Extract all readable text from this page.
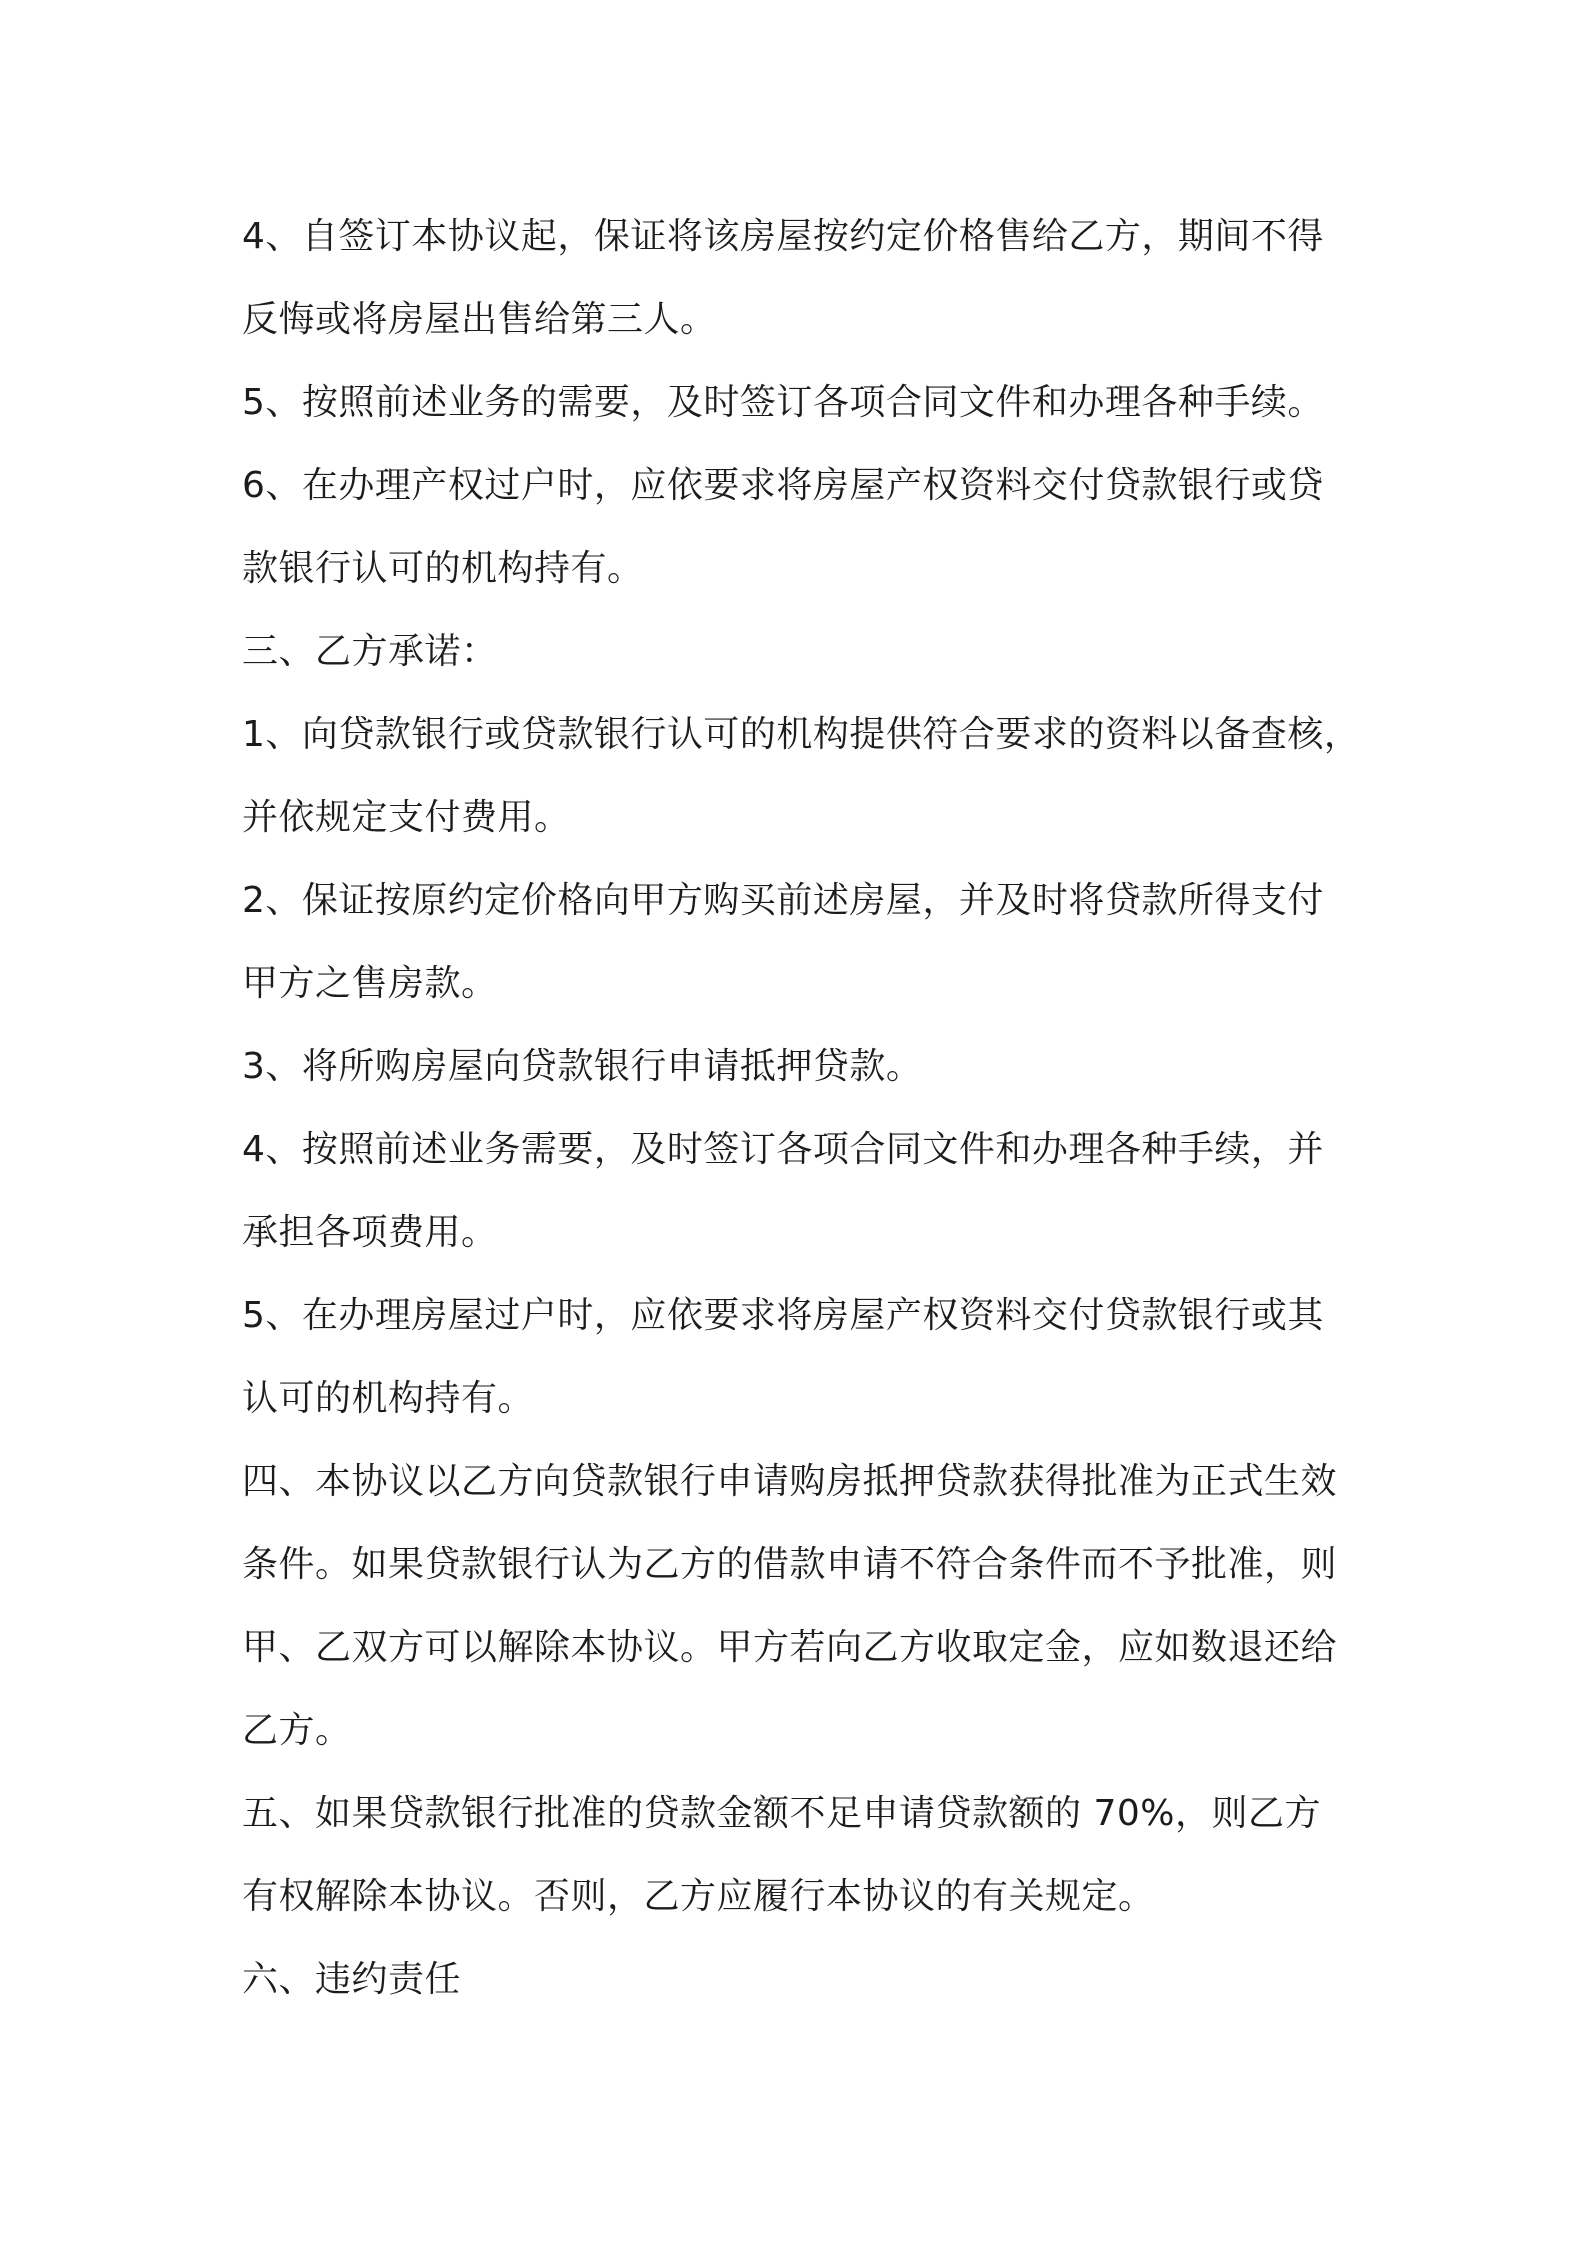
4、自签订本协议起，保证将该房屋按约定价格售给乙方，期间不得
反悔或将房屋出售给第三人。
5、按照前述业务的需要，及时签订各项合同文件和办理各种手续。
6、在办理产权过户时，应依要求将房屋产权资料交付贷款银行或贷
款银行认可的机构持有。
三、乙方承诺：
1、向贷款银行或贷款银行认可的机构提供符合要求的资料以备查核，
并依规定支付费用。
2、保证按原约定价格向甲方购买前述房屋，并及时将贷款所得支付
甲方之售房款。
3、将所购房屋向贷款银行申请抵押贷款。
4、按照前述业务需要，及时签订各项合同文件和办理各种手续，并
承担各项费用。
5、在办理房屋过户时，应依要求将房屋产权资料交付贷款银行或其
认可的机构持有。
四、本协议以乙方向贷款银行申请购房抵押贷款获得批准为正式生效
条件。如果贷款银行认为乙方的借款申请不符合条件而不予批准，则
甲、乙双方可以解除本协议。甲方若向乙方收取定金，应如数退还给
乙方。
五、如果贷款银行批准的贷款金额不足申请贷款额的 70%，则乙方
有权解除本协议。否则，乙方应履行本协议的有关规定。
六、违约责任
